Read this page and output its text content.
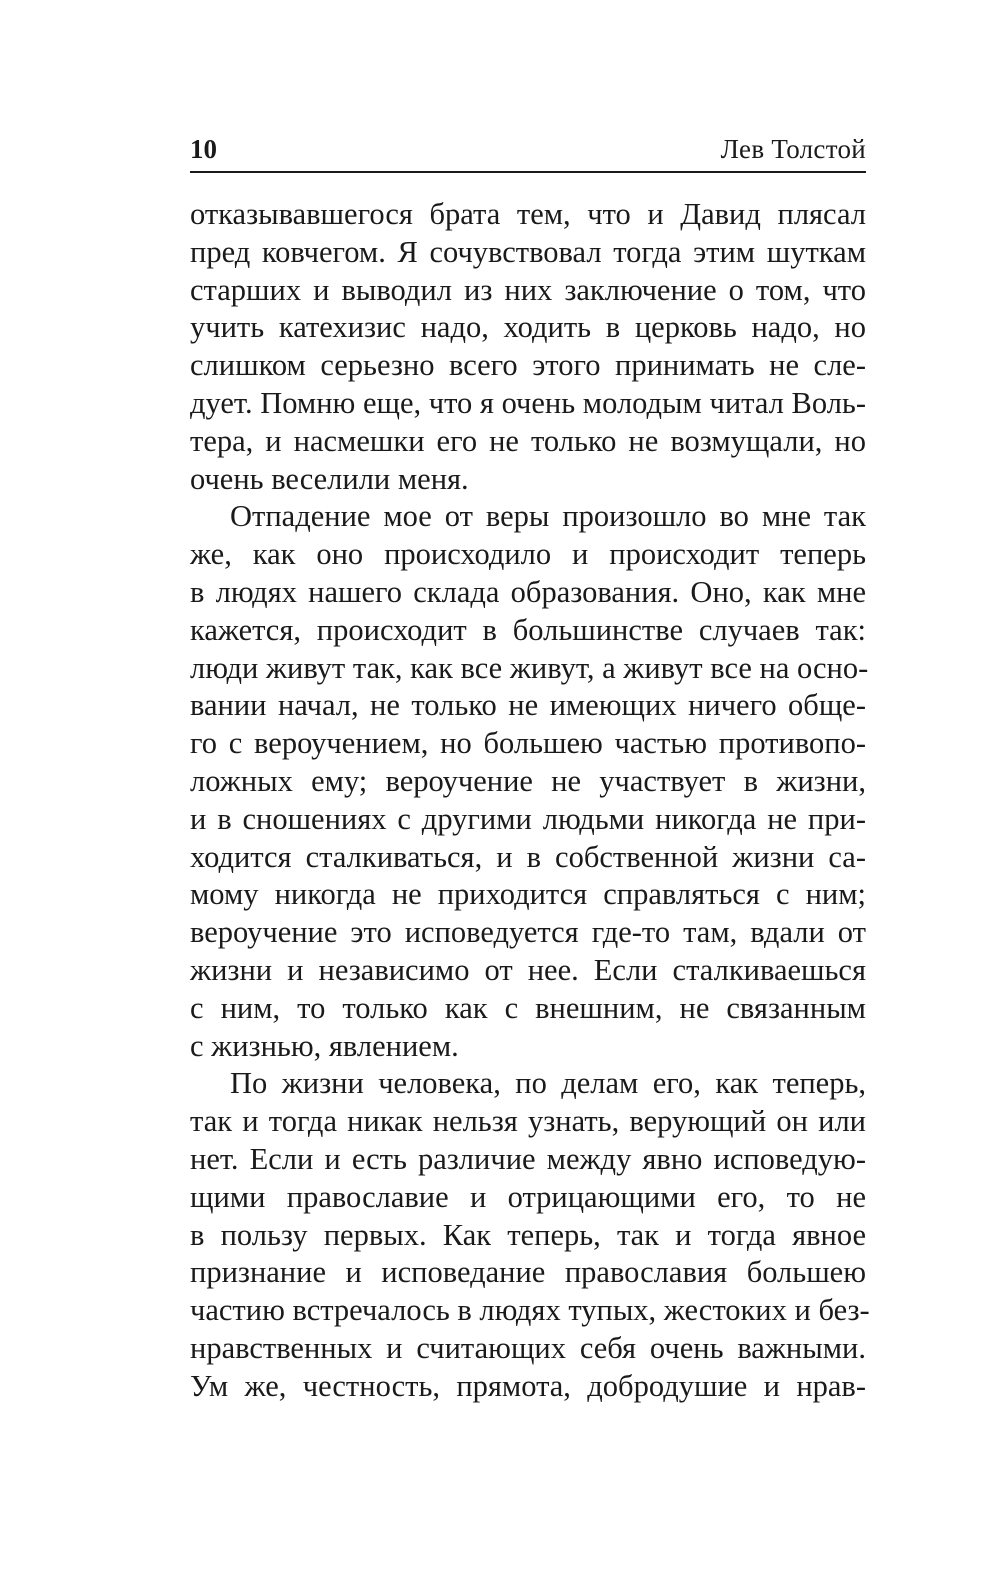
10	Лев Толстой
отказывавшегося брата тем, что и Давид плясал
пред ковчегом. Я сочувствовал тогда этим шуткам
старших и выводил из них заключение о том, что
учить катехизис надо, ходить в церковь надо, но
слишком серьезно всего этого принимать не сле-
дует. Помню еще, что я очень молодым читал Воль-
тера, и насмешки его не только не возмущали, но
очень веселили меня.
Отпадение мое от веры произошло во мне так
же, как оно происходило и происходит теперь
в людях нашего склада образования. Оно, как мне
кажется, происходит в большинстве случаев так:
люди живут так, как все живут, а живут все на осно-
вании начал, не только не имеющих ничего обще-
го с вероучением, но большею частью противопо-
ложных ему; вероучение не участвует в жизни,
и в сношениях с другими людьми никогда не при-
ходится сталкиваться, и в собственной жизни са-
мому никогда не приходится справляться с ним;
вероучение это исповедуется где-то там, вдали от
жизни и независимо от нее. Если сталкиваешься
с ним, то только как с внешним, не связанным
с жизнью, явлением.
По жизни человека, по делам его, как теперь,
так и тогда никак нельзя узнать, верующий он или
нет. Если и есть различие между явно исповедую-
щими православие и отрицающими его, то не
в пользу первых. Как теперь, так и тогда явное
признание и исповедание православия большею
частию встречалось в людях тупых, жестоких и без-
нравственных и считающих себя очень важными.
Ум же, честность, прямота, добродушие и нрав-
